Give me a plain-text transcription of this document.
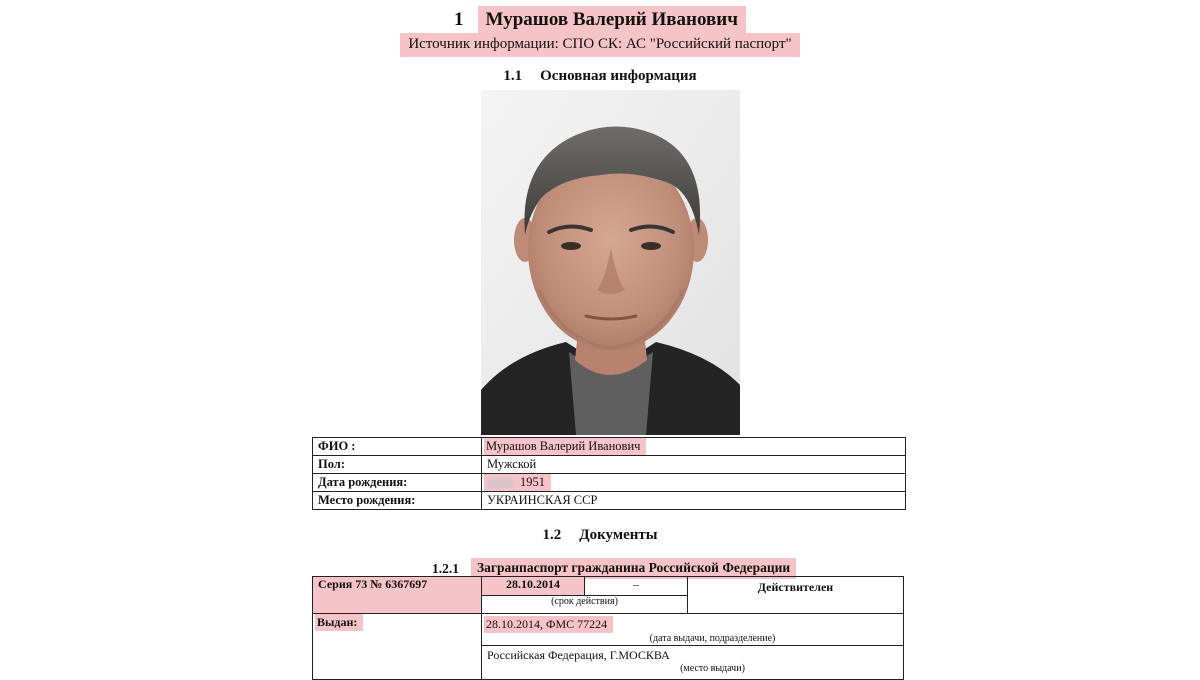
1 Мурашов Валерий Иванович
Источник информации: СПО СК: АС "Российский паспорт"
1.1 Основная информация
ФИО :	Мурашов Валерий Иванович
Пол:	Мужской
Дата рождения:	1951
Место рождения:	УКРАИНСКАЯ ССР
1.2 Документы
1.2.1	Загранпаспорт гражданина Российской Федерации
Серия 73 № 6367697	28.10.2014	–	Действителен
	(срок действия)		
Выдан:	28.10.2014, ФМС 77224
(дата выдачи, подразделение)		

	Российская Федерация, Г.МОСКВА
(место выдачи)		
